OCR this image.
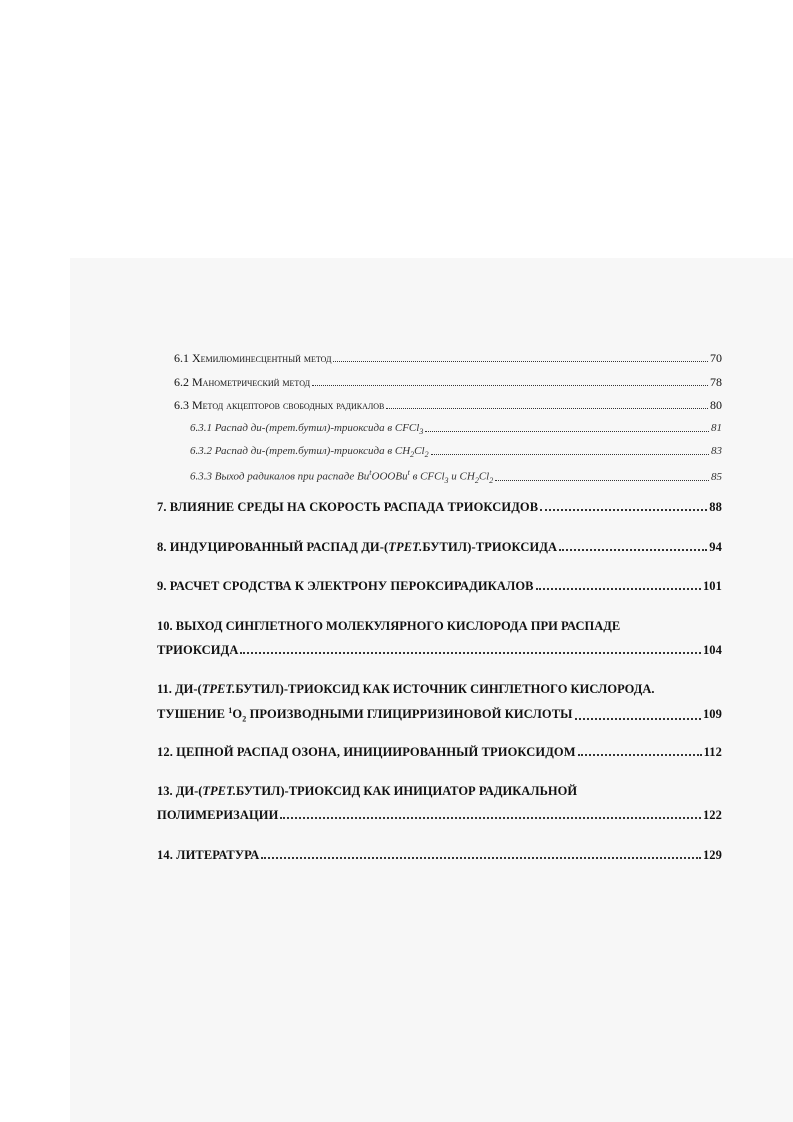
6.1 Хемилюминесцентный метод	70
6.2 Манометрический метод	78
6.3 Метод акцепторов свободных радикалов	80
6.3.1 Распад ди-(трет.бутил)-триоксида в CFCl$_3$	81
6.3.2 Распад ди-(трет.бутил)-триоксида в $CH_2Cl_2$	83
6.3.3 Выход радикалов при распаде Bu$^t$OOOBu$^t$ в CFCl$_3$ и $CH_2Cl_2$	85
7. ВЛИЯНИЕ СРЕДЫ НА СКОРОСТЬ РАСПАДА ТРИОКСИДОВ	88
8. ИНДУЦИРОВАННЫЙ РАСПАД ДИ-(ТРЕТ.БУТИЛ)-ТРИОКСИДА	94
9. РАСЧЕТ СРОДСТВА К ЭЛЕКТРОНУ ПЕРОКСИРАДИКАЛОВ	101
10. ВЫХОД СИНГЛЕТНОГО МОЛЕКУЛЯРНОГО КИСЛОРОДА ПРИ РАСПАДЕ
ТРИОКСИДА	104
11. ДИ-(ТРЕТ.БУТИЛ)-ТРИОКСИД КАК ИСТОЧНИК СИНГЛЕТНОГО КИСЛОРОДА.
ТУШЕНИЕ $^1O_2$ ПРОИЗВОДНЫМИ ГЛИЦИРРИЗИНОВОЙ КИСЛОТЫ	109
12. ЦЕПНОЙ РАСПАД ОЗОНА, ИНИЦИИРОВАННЫЙ ТРИОКСИДОМ	112
13. ДИ-(ТРЕТ.БУТИЛ)-ТРИОКСИД КАК ИНИЦИАТОР РАДИКАЛЬНОЙ
ПОЛИМЕРИЗАЦИИ	122
14. ЛИТЕРАТУРА	129
